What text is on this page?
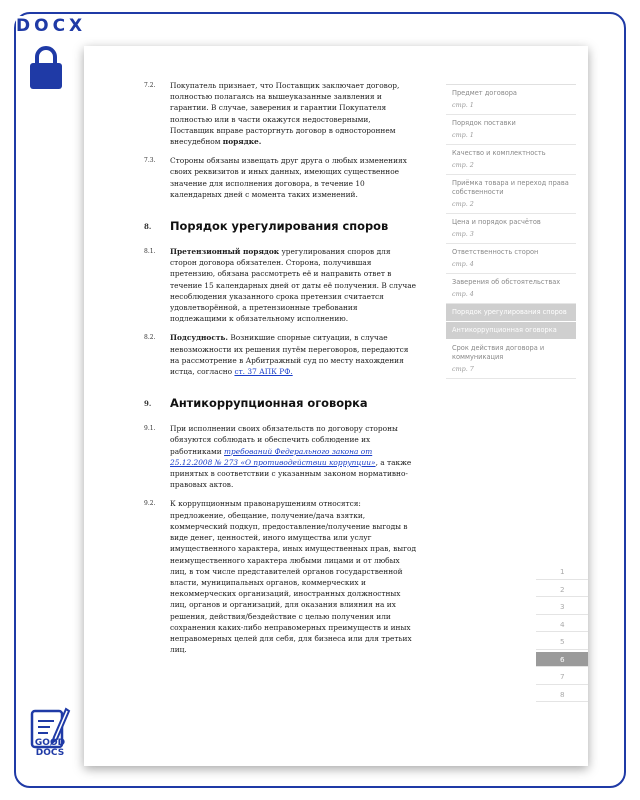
DOCX
GOOD
DOCS
7.2. Покупатель признает, что Поставщик заключает договор, полностью полагаясь на вышеуказанные заявления и гарантии. В случае, заверения и гарантии Покупателя полностью или в части окажутся недостоверными, Поставщик вправе расторгнуть договор в одностороннем внесудебном порядке.
7.3. Стороны обязаны извещать друг друга о любых изменениях своих реквизитов и иных данных, имеющих существенное значение для исполнения договора, в течение 10 календарных дней с момента таких изменений.
8. Порядок урегулирования споров
8.1. Претензионный порядок урегулирования споров для сторон договора обязателен. Сторона, получившая претензию, обязана рассмотреть её и направить ответ в течение 15 календарных дней от даты её получения. В случае несоблюдения указанного срока претензия считается удовлетворённой, а претензионные требования подлежащими к обязательному исполнению.
8.2. Подсудность. Возникшие спорные ситуации, в случае невозможности их решения путём переговоров, передаются на рассмотрение в Арбитражный суд по месту нахождения истца, согласно ст. 37 АПК РФ.
9. Антикоррупционная оговорка
9.1. При исполнении своих обязательств по договору стороны обязуются соблюдать и обеспечить соблюдение их работниками требований Федерального закона от 25.12.2008 № 273 «О противодействии коррупции», а также принятых в соответствии с указанным законом нормативно-правовых актов.
9.2. К коррупционным правонарушениям относятся: предложение, обещание, получение/дача взятки, коммерческий подкуп, предоставление/получение выгоды в виде денег, ценностей, иного имущества или услуг имущественного характера, иных имущественных прав, выгод неимущественного характера любыми лицами и от любых лиц, в том числе представителей органов государственной власти, муниципальных органов, коммерческих и некоммерческих организаций, иностранных должностных лиц, органов и организаций, для оказания влияния на их решения, действия/бездействие с целью получения или сохранения каких-либо неправомерных преимуществ и иных неправомерных целей для себя, для бизнеса или для третьих лиц.
Предмет договора
стр. 1
Порядок поставки
стр. 1
Качество и комплектность
стр. 2
Приёмка товара и переход права собственности
стр. 2
Цена и порядок расчётов
стр. 3
Ответственность сторон
стр. 4
Заверения об обстоятельствах
стр. 4
Порядок урегулирования споров
Антикоррупционная оговорка
Срок действия договора и коммуникация
стр. 7
1
2
3
4
5
6
7
8
